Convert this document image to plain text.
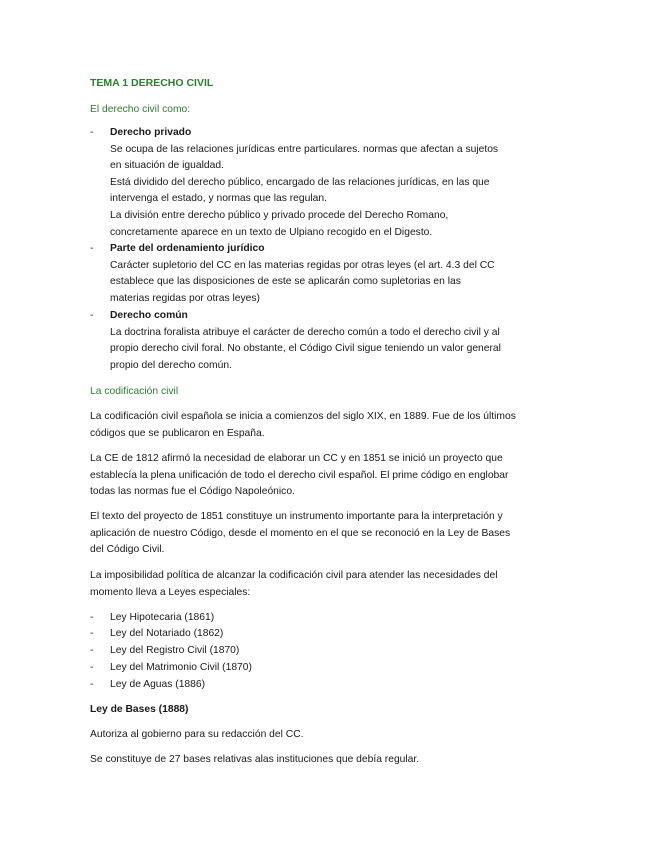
TEMA 1 DERECHO CIVIL
El derecho civil como:
- Derecho privado
Se ocupa de las relaciones jurídicas entre particulares. normas que afectan a sujetos
en situación de igualdad.
Está dividido del derecho público, encargado de las relaciones jurídicas, en las que
intervenga el estado, y normas que las regulan.
La división entre derecho público y privado procede del Derecho Romano,
concretamente aparece en un texto de Ulpiano recogido en el Digesto.
- Parte del ordenamiento jurídico
Carácter supletorio del CC en las materias regidas por otras leyes (el art. 4.3 del CC
establece que las disposiciones de este se aplicarán como supletorias en las
materias regidas por otras leyes)
- Derecho común
La doctrina foralista atribuye el carácter de derecho común a todo el derecho civil y al
propio derecho civil foral. No obstante, el Código Civil sigue teniendo un valor general
propio del derecho común.
La codificación civil
La codificación civil española se inicia a comienzos del siglo XIX, en 1889. Fue de los últimos
códigos que se publicaron en España.
La CE de 1812 afirmó la necesidad de elaborar un CC y en 1851 se inició un proyecto que
establecía la plena unificación de todo el derecho civil español. El prime código en englobar
todas las normas fue el Código Napoleónico.
El texto del proyecto de 1851 constituye un instrumento importante para la interpretación y
aplicación de nuestro Código, desde el momento en el que se reconoció en la Ley de Bases
del Código Civil.
La imposibilidad política de alcanzar la codificación civil para atender las necesidades del
momento lleva a Leyes especiales:
- Ley Hipotecaria (1861)
- Ley del Notariado (1862)
- Ley del Registro Civil (1870)
- Ley del Matrimonio Civil (1870)
- Ley de Aguas (1886)
Ley de Bases (1888)
Autoriza al gobierno para su redacción del CC.
Se constituye de 27 bases relativas alas instituciones que debía regular.
